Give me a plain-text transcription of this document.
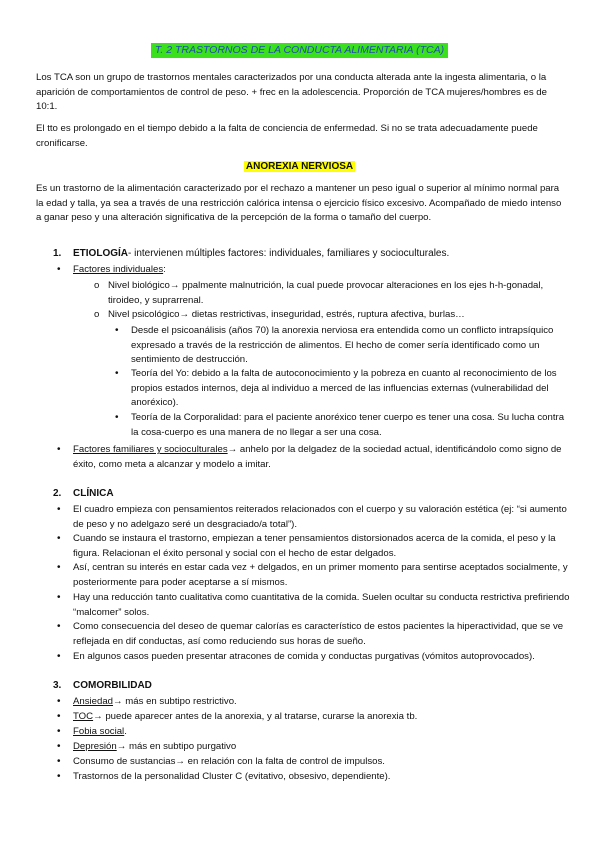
T. 2 TRASTORNOS DE LA CONDUCTA ALIMENTARIA (TCA)

Los TCA son un grupo de trastornos mentales caracterizados por una conducta alterada ante la ingesta alimentaria, o la aparición de comportamientos de control de peso. + frec en la adolescencia. Proporción de TCA mujeres/hombres es de 10:1.

El tto es prolongado en el tiempo debido a la falta de conciencia de enfermedad. Si no se trata adecuadamente puede cronificarse.

ANOREXIA NERVIOSA

Es un trastorno de la alimentación caracterizado por el rechazo a mantener un peso igual o superior al mínimo normal para la edad y talla, ya sea a través de una restricción calórica intensa o ejercicio físico excesivo. Acompañado de miedo intenso a ganar peso y una alteración significativa de la percepción de la forma o tamaño del cuerpo.

1. ETIOLOGÍA- intervienen múltiples factores: individuales, familiares y socioculturales.
• Factores individuales:
o Nivel biológico→ ppalmente malnutrición, la cual puede provocar alteraciones en los ejes h-h-gonadal, tiroideo, y suprarrenal.
o Nivel psicológico→ dietas restrictivas, inseguridad, estrés, ruptura afectiva, burlas…
• Desde el psicoanálisis (años 70) la anorexia nerviosa era entendida como un conflicto intrapsíquico expresado a través de la restricción de alimentos. El hecho de comer sería identificado como un sentimiento de destrucción.
• Teoría del Yo: debido a la falta de autoconocimiento y la pobreza en cuanto al reconocimiento de los propios estados internos, deja al individuo a merced de las influencias externas (vulnerabilidad del anoréxico).
• Teoría de la Corporalidad: para el paciente anoréxico tener cuerpo es tener una cosa. Su lucha contra la cosa-cuerpo es una manera de no llegar a ser una cosa.
• Factores familiares y socioculturales→ anhelo por la delgadez de la sociedad actual, identificándolo como signo de éxito, como meta a alcanzar y modelo a imitar.
2. CLÍNICA
• El cuadro empieza con pensamientos reiterados relacionados con el cuerpo y su valoración estética (ej: “si aumento de peso y no adelgazo seré un desgraciado/a total”).
• Cuando se instaura el trastorno, empiezan a tener pensamientos distorsionados acerca de la comida, el peso y la figura. Relacionan el éxito personal y social con el hecho de estar delgados.
• Así, centran su interés en estar cada vez + delgados, en un primer momento para sentirse aceptados socialmente, y posteriormente para poder aceptarse a sí mismos.
• Hay una reducción tanto cualitativa como cuantitativa de la comida. Suelen ocultar su conducta restrictiva prefiriendo “malcomer” solos.
• Como consecuencia del deseo de quemar calorías es característico de estos pacientes la hiperactividad, que se ve reflejada en dif conductas, así como reduciendo sus horas de sueño.
• En algunos casos pueden presentar atracones de comida y conductas purgativas (vómitos autoprovocados).
3. COMORBILIDAD
• Ansiedad→ más en subtipo restrictivo.
• TOC→ puede aparecer antes de la anorexia, y al tratarse, curarse la anorexia tb.
• Fobia social.
• Depresión→ más en subtipo purgativo
• Consumo de sustancias→ en relación con la falta de control de impulsos.
• Trastornos de la personalidad Cluster C (evitativo, obsesivo, dependiente).
